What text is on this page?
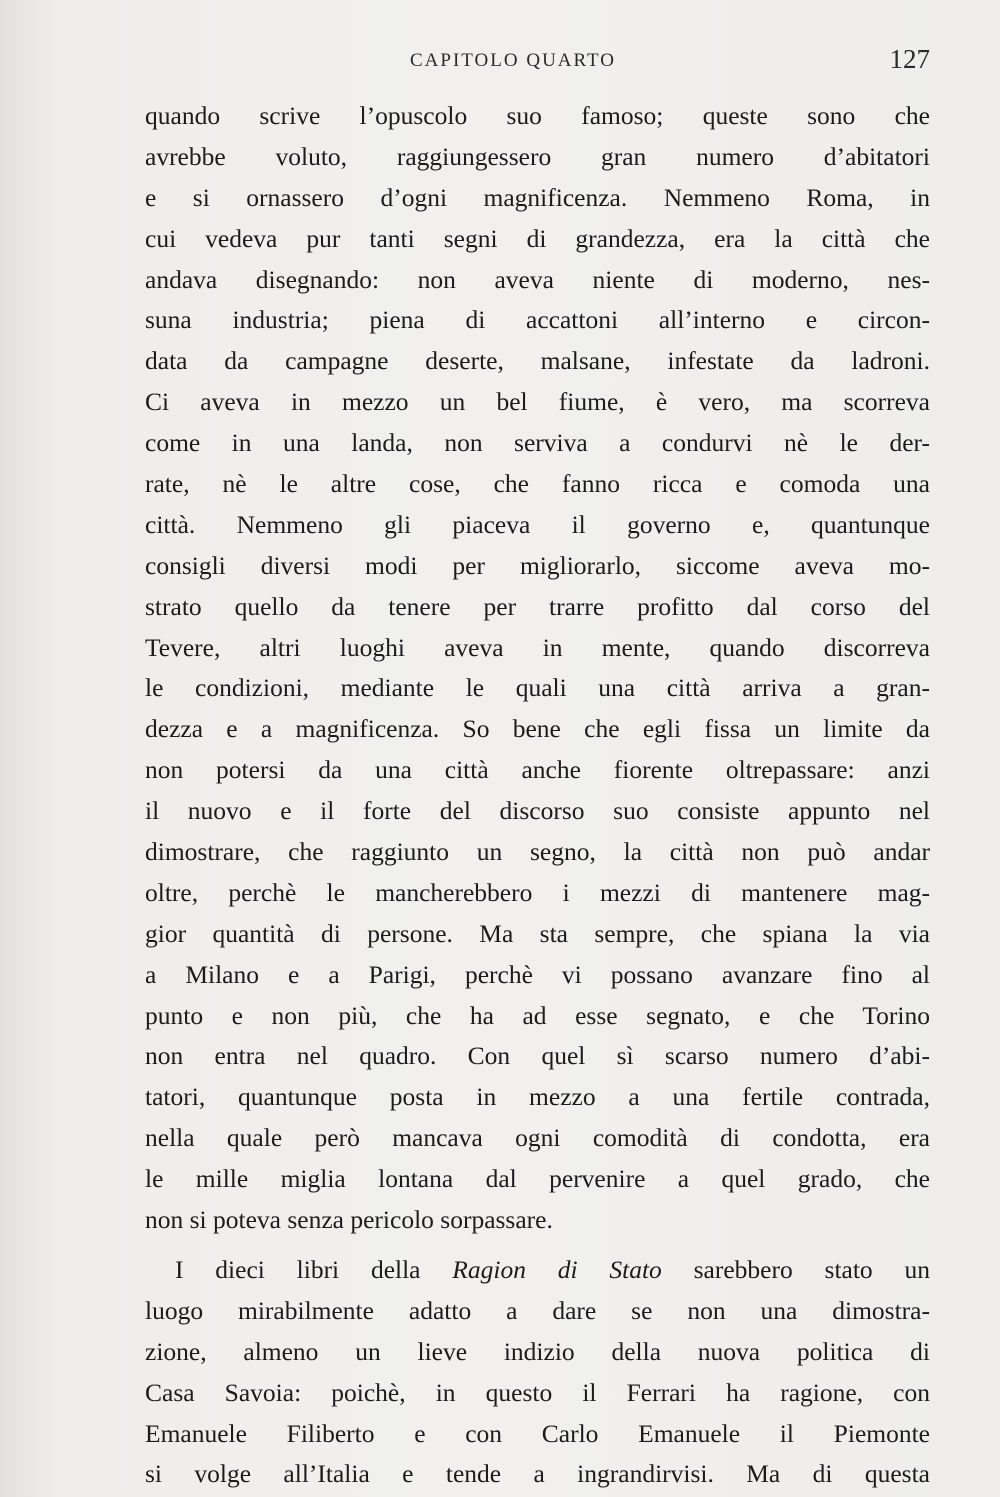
CAPITOLO QUARTO	127
quando scrive l’opuscolo suo famoso; queste sono che
avrebbe voluto, raggiungessero gran numero d’abitatori
e si ornassero d’ogni magnificenza. Nemmeno Roma, in
cui vedeva pur tanti segni di grandezza, era la città che
andava disegnando: non aveva niente di moderno, nes-
suna industria; piena di accattoni all’interno e circon-
data da campagne deserte, malsane, infestate da ladroni.
Ci aveva in mezzo un bel fiume, è vero, ma scorreva
come in una landa, non serviva a condurvi nè le der-
rate, nè le altre cose, che fanno ricca e comoda una
città. Nemmeno gli piaceva il governo e, quantunque
consigli diversi modi per migliorarlo, siccome aveva mo-
strato quello da tenere per trarre profitto dal corso del
Tevere, altri luoghi aveva in mente, quando discorreva
le condizioni, mediante le quali una città arriva a gran-
dezza e a magnificenza. So bene che egli fissa un limite da
non potersi da una città anche fiorente oltrepassare: anzi
il nuovo e il forte del discorso suo consiste appunto nel
dimostrare, che raggiunto un segno, la città non può andar
oltre, perchè le mancherebbero i mezzi di mantenere mag-
gior quantità di persone. Ma sta sempre, che spiana la via
a Milano e a Parigi, perchè vi possano avanzare fino al
punto e non più, che ha ad esse segnato, e che Torino
non entra nel quadro. Con quel sì scarso numero d’abi-
tatori, quantunque posta in mezzo a una fertile contrada,
nella quale però mancava ogni comodità di condotta, era
le mille miglia lontana dal pervenire a quel grado, che
non si poteva senza pericolo sorpassare.
I dieci libri della Ragion di Stato sarebbero stato un
luogo mirabilmente adatto a dare se non una dimostra-
zione, almeno un lieve indizio della nuova politica di
Casa Savoia: poichè, in questo il Ferrari ha ragione, con
Emanuele Filiberto e con Carlo Emanuele il Piemonte
si volge all’Italia e tende a ingrandirvisi. Ma di questa
